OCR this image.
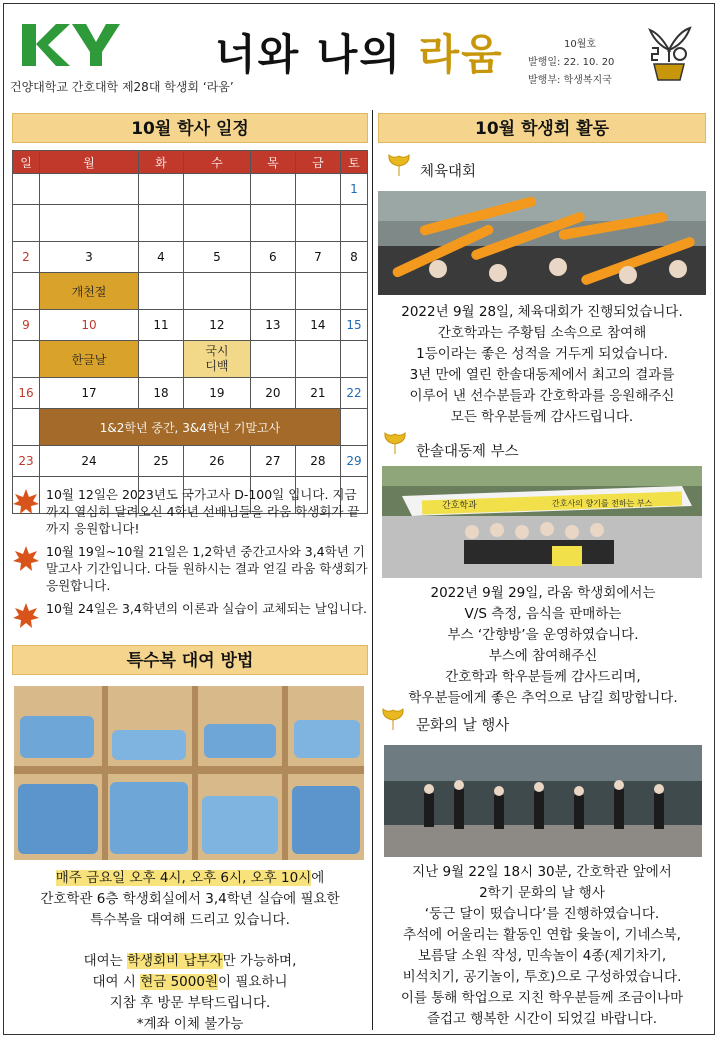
KY
너와 나의 라움
건양대학교 간호대학 제28대 학생회 ‘라움’
10월호
발행일: 22. 10. 20
발행부: 학생복지국
10월 학사 일정
일	월	화	수	목	금	토
						1

2	3	4	5	6	7	8
	개천절					
9	10	11	12	13	14	15
	한글날		국시
디백			
16	17	18	19	20	21	22
	1&2학년 중간, 3&4학년 기말고사					
23	24	25	26	27	28	29

10월 12일은 2023년도 국가고사 D-100일 입니다. 지금까지 열심히 달려오신 4학년 선배님들을 라움 학생회가 끝까지 응원합니다!
10월 19일~10월 21일은 1,2학년 중간고사와 3,4학년 기말고사 기간입니다. 다들 원하시는 결과 얻길 라움 학생회가 응원합니다.
10월 24일은 3,4학년의 이론과 실습이 교체되는 날입니다.
특수복 대여 방법
매주 금요일 오후 4시, 오후 6시, 오후 10시에
간호학관 6층 학생회실에서 3,4학년 실습에 필요한
특수복을 대여해 드리고 있습니다.
대여는 학생회비 납부자만 가능하며,
대여 시 현금 5000원이 필요하니
지참 후 방문 부탁드립니다.
*계좌 이체 불가능
10월 학생회 활동
체육대회
2022년 9월 28일, 체육대회가 진행되었습니다.
간호학과는 주황팀 소속으로 참여해
1등이라는 좋은 성적을 거두게 되었습니다.
3년 만에 열린 한솔대동제에서 최고의 결과를
이루어 낸 선수분들과 간호학과를 응원해주신
모든 학우분들께 감사드립니다.
한솔대동제 부스
간호학과	간호사의 향기를 전하는 부스
2022년 9월 29일, 라움 학생회에서는
V/S 측정, 음식을 판매하는
부스 ‘간향방’을 운영하였습니다.
부스에 참여해주신
간호학과 학우분들께 감사드리며,
학우분들에게 좋은 추억으로 남길 희망합니다.
문화의 날 행사
지난 9월 22일 18시 30분, 간호학관 앞에서
2학기 문화의 날 행사
‘둥근 달이 떴습니다’를 진행하였습니다.
추석에 어울리는 활동인 연합 윷놀이, 기네스북,
보름달 소원 작성, 민속놀이 4종(제기차기,
비석치기, 공기놀이, 투호)으로 구성하였습니다.
이를 통해 학업으로 지친 학우분들께 조금이나마
즐겁고 행복한 시간이 되었길 바랍니다.
